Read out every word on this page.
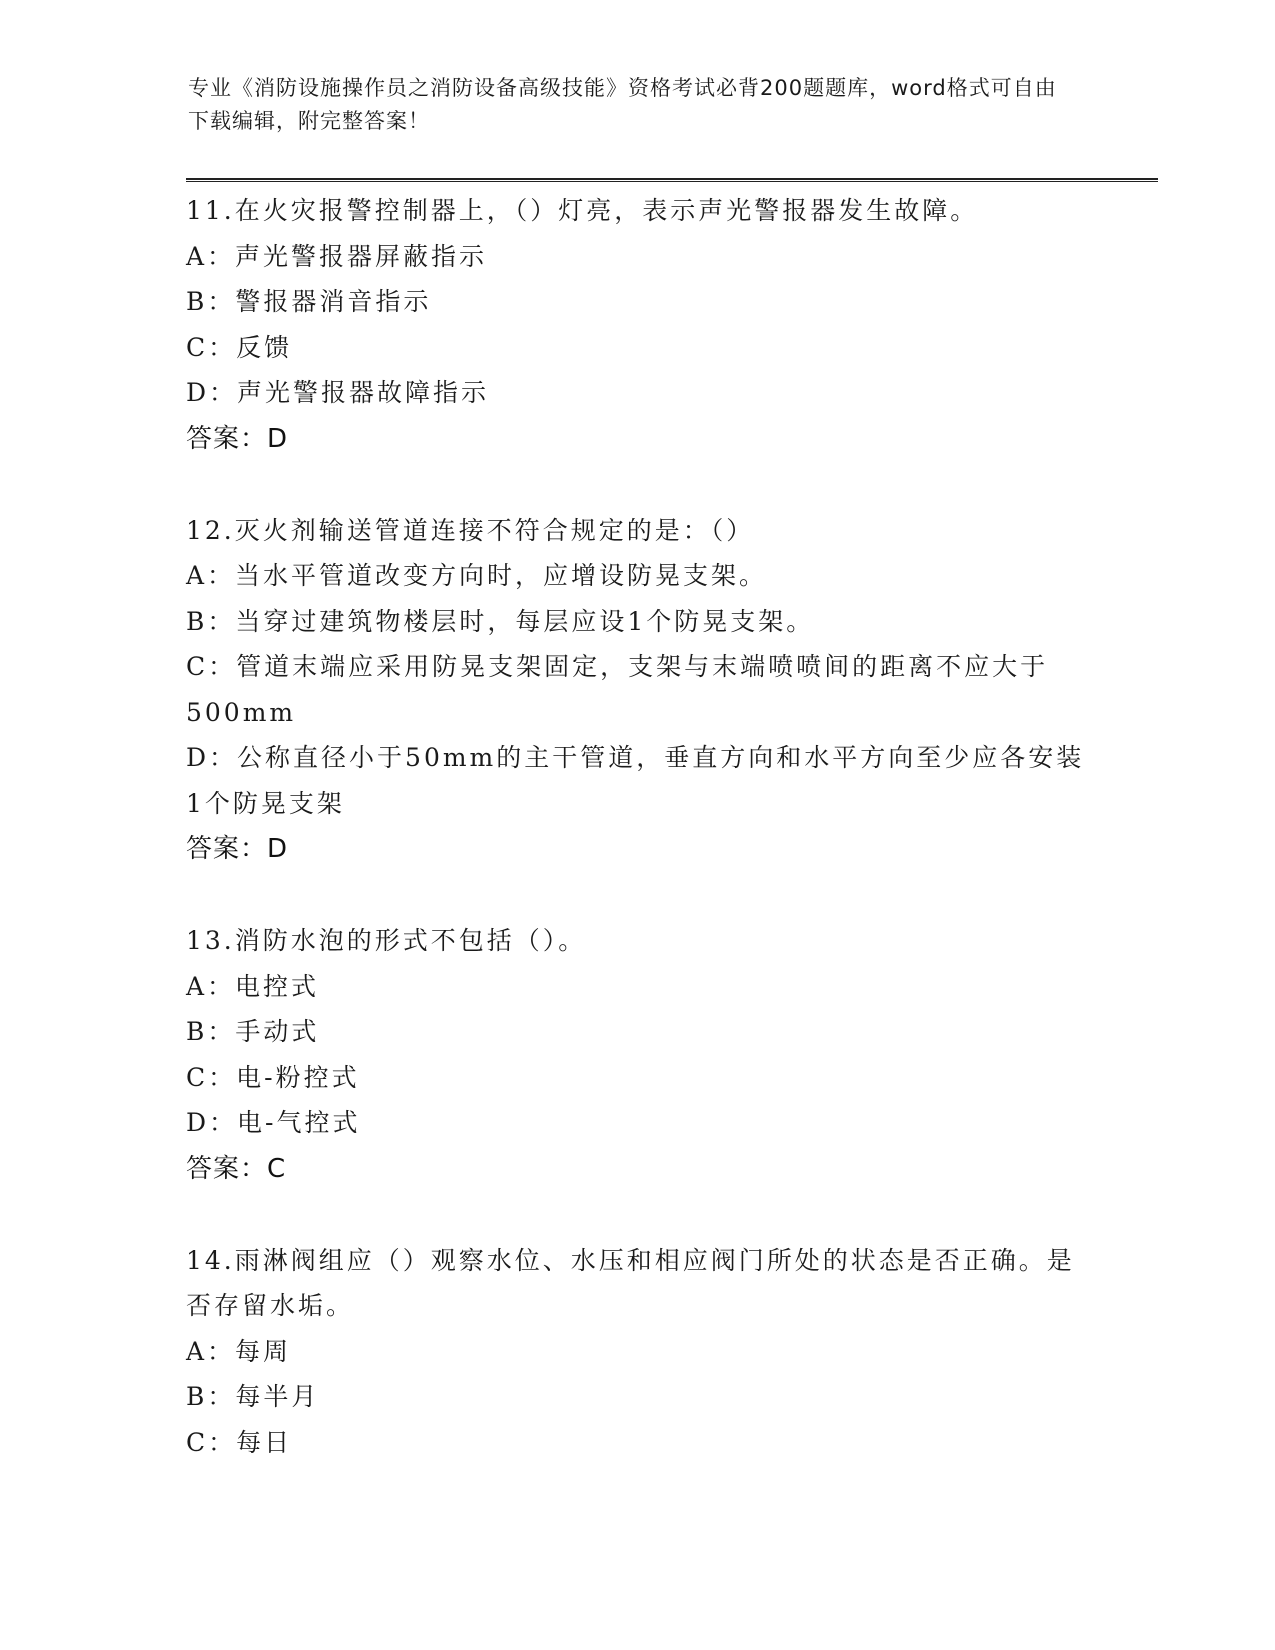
专业《消防设施操作员之消防设备高级技能》资格考试必背200题题库，word格式可自由下载编辑，附完整答案！
11.在火灾报警控制器上，（）灯亮，表示声光警报器发生故障。
A：声光警报器屏蔽指示
B：警报器消音指示
C：反馈
D：声光警报器故障指示
答案：D
12.灭火剂输送管道连接不符合规定的是：（）
A：当水平管道改变方向时，应增设防晃支架。
B：当穿过建筑物楼层时，每层应设1个防晃支架。
C：管道末端应采用防晃支架固定，支架与末端喷喷间的距离不应大于500mm
D：公称直径小于50mm的主干管道，垂直方向和水平方向至少应各安装1个防晃支架
答案：D
13.消防水泡的形式不包括（）。
A：电控式
B：手动式
C：电-粉控式
D：电-气控式
答案：C
14.雨淋阀组应（）观察水位、水压和相应阀门所处的状态是否正确。是否存留水垢。
A：每周
B：每半月
C：每日
